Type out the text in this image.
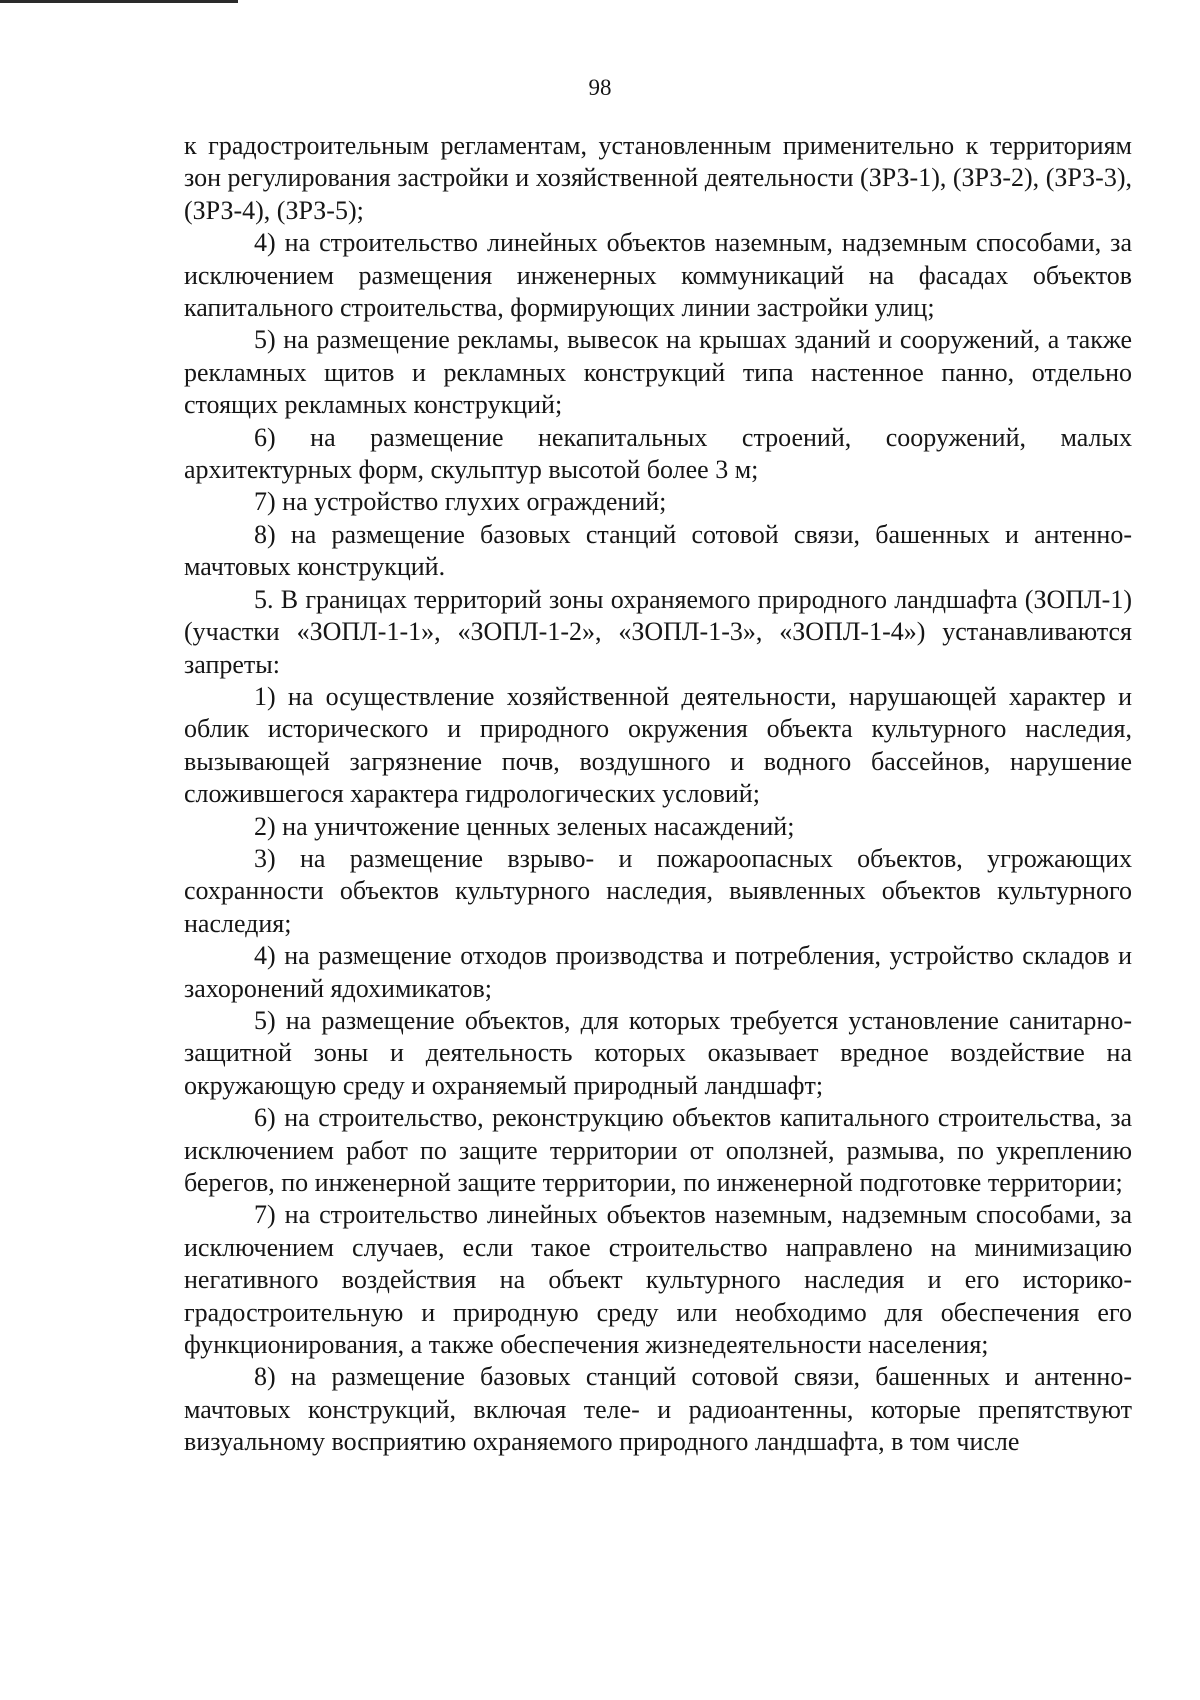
98

к градостроительным регламентам, установленным применительно к территориям зон регулирования застройки и хозяйственной деятельности (ЗРЗ-1), (ЗРЗ-2), (ЗРЗ-3), (ЗРЗ-4), (ЗРЗ-5);

4) на строительство линейных объектов наземным, надземным способами, за исключением размещения инженерных коммуникаций на фасадах объектов капитального строительства, формирующих линии застройки улиц;

5) на размещение рекламы, вывесок на крышах зданий и сооружений, а также рекламных щитов и рекламных конструкций типа настенное панно, отдельно стоящих рекламных конструкций;

6) на размещение некапитальных строений, сооружений, малых архитектурных форм, скульптур высотой более 3 м;

7) на устройство глухих ограждений;

8) на размещение базовых станций сотовой связи, башенных и антенно-мачтовых конструкций.

5. В границах территорий зоны охраняемого природного ландшафта (ЗОПЛ-1) (участки «ЗОПЛ-1-1», «ЗОПЛ-1-2», «ЗОПЛ-1-3», «ЗОПЛ-1-4») устанавливаются запреты:

1) на осуществление хозяйственной деятельности, нарушающей характер и облик исторического и природного окружения объекта культурного наследия, вызывающей загрязнение почв, воздушного и водного бассейнов, нарушение сложившегося характера гидрологических условий;

2) на уничтожение ценных зеленых насаждений;

3) на размещение взрыво- и пожароопасных объектов, угрожающих сохранности объектов культурного наследия, выявленных объектов культурного наследия;

4) на размещение отходов производства и потребления, устройство складов и захоронений ядохимикатов;

5) на размещение объектов, для которых требуется установление санитарно-защитной зоны и деятельность которых оказывает вредное воздействие на окружающую среду и охраняемый природный ландшафт;

6) на строительство, реконструкцию объектов капитального строительства, за исключением работ по защите территории от оползней, размыва, по укреплению берегов, по инженерной защите территории, по инженерной подготовке территории;

7) на строительство линейных объектов наземным, надземным способами, за исключением случаев, если такое строительство направлено на минимизацию негативного воздействия на объект культурного наследия и его историко-градостроительную и природную среду или необходимо для обеспечения его функционирования, а также обеспечения жизнедеятельности населения;

8) на размещение базовых станций сотовой связи, башенных и антенно-мачтовых конструкций, включая теле- и радиоантенны, которые препятствуют визуальному восприятию охраняемого природного ландшафта, в том числе
